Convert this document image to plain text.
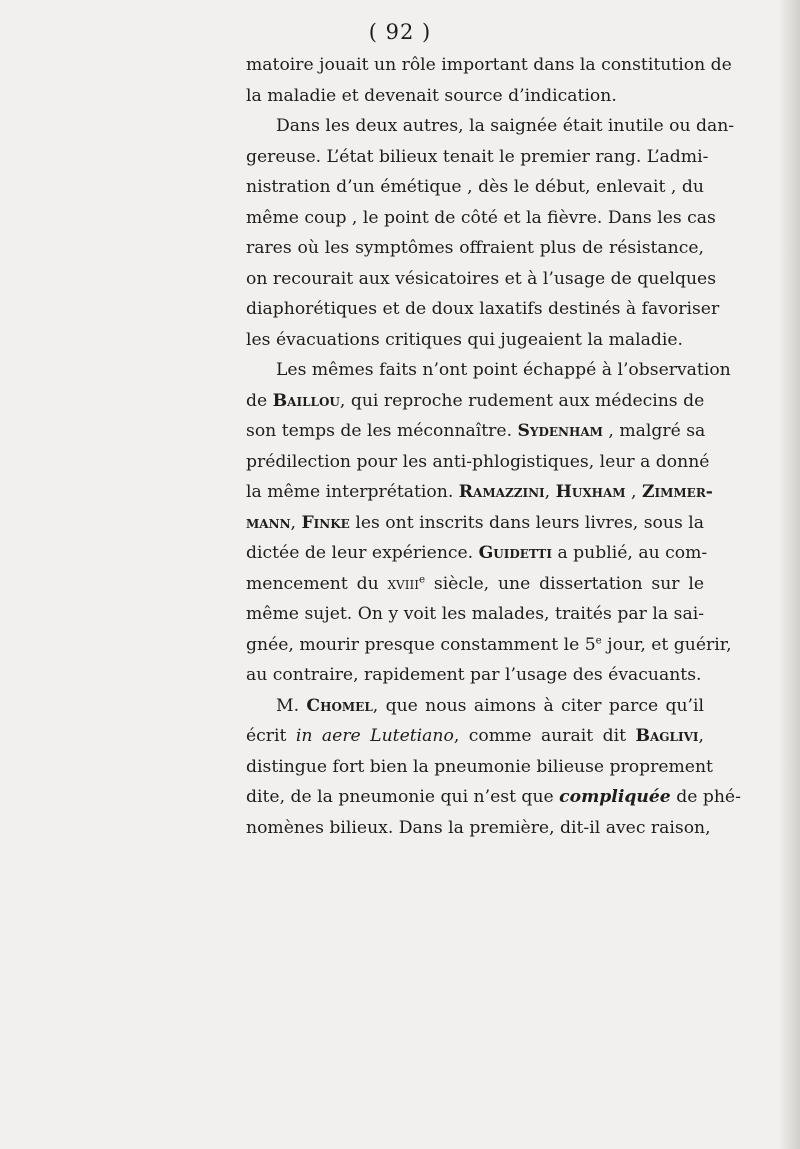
( 92 )
matoire jouait un rôle important dans la constitution de
la maladie et devenait source d’indication.
Dans les deux autres, la saignée était inutile ou dan-
gereuse. L’état bilieux tenait le premier rang. L’admi-
nistration d’un émétique , dès le début, enlevait , du
même coup , le point de côté et la fièvre. Dans les cas
rares où les symptômes offraient plus de résistance,
on recourait aux vésicatoires et à l’usage de quelques
diaphorétiques et de doux laxatifs destinés à favoriser
les évacuations critiques qui jugeaient la maladie.
Les mêmes faits n’ont point échappé à l’observation
de Baillou, qui reproche rudement aux médecins de
son temps de les méconnaître. Sydenham , malgré sa
prédilection pour les anti-phlogistiques, leur a donné
la même interprétation. Ramazzini, Huxham , Zimmer-
mann, Finke les ont inscrits dans leurs livres, sous la
dictée de leur expérience. Guidetti a publié, au com-
mencement du xviii$^e$ siècle, une dissertation sur le
même sujet. On y voit les malades, traités par la sai-
gnée, mourir presque constamment le 5e jour, et guérir,
au contraire, rapidement par l’usage des évacuants.
M. Chomel, que nous aimons à citer parce qu’il
écrit in aere Lutetiano, comme aurait dit Baglivi,
distingue fort bien la pneumonie bilieuse proprement
dite, de la pneumonie qui n’est que compliquée de phé-
nomènes bilieux. Dans la première, dit-il avec raison,
